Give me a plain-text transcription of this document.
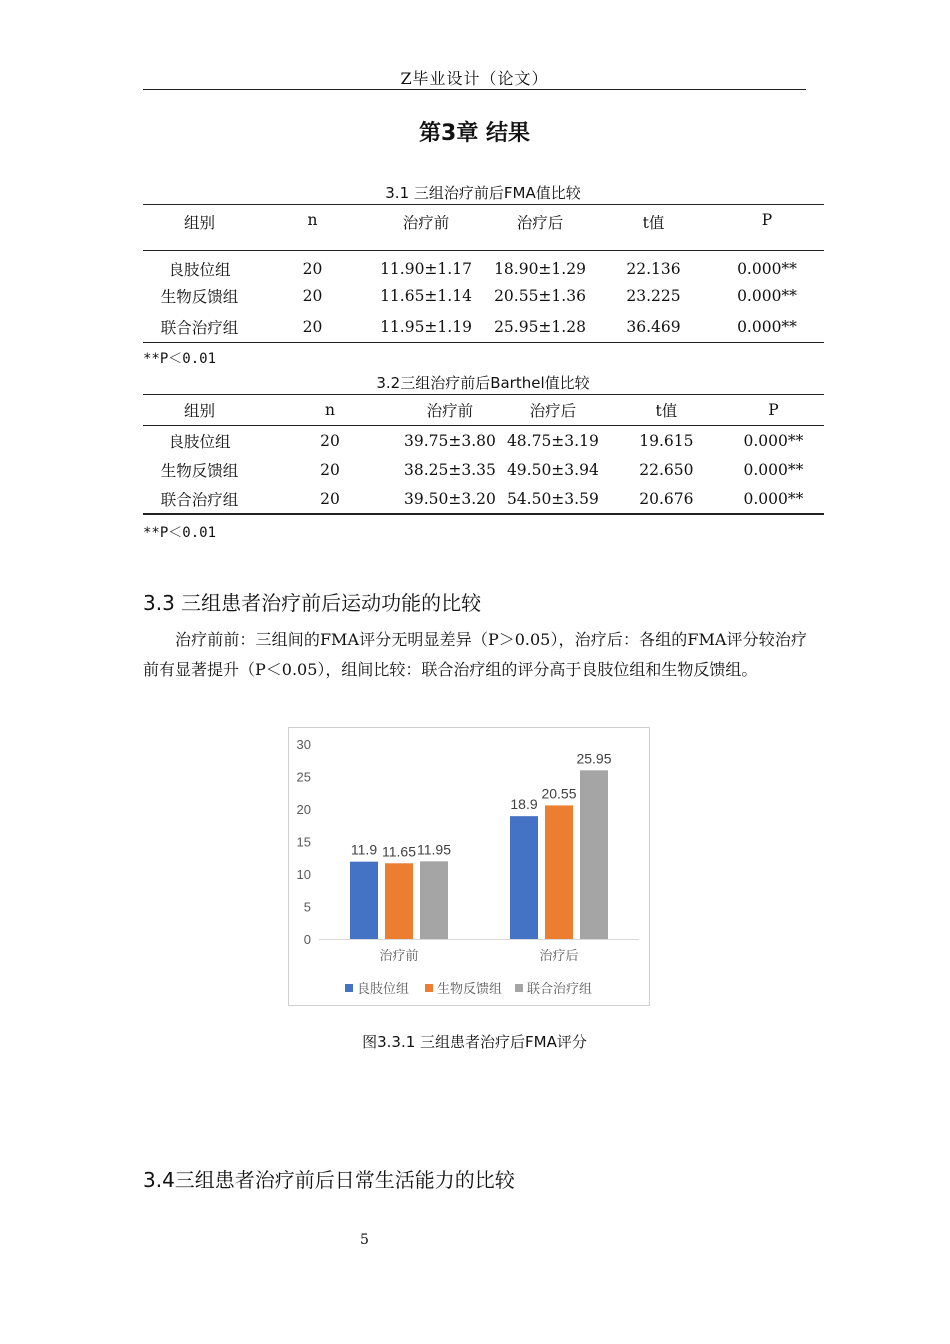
Z毕业设计（论文）
第3章 结果
3.1 三组治疗前后FMA值比较
组别	n	治疗前	治疗后	t值	P
良肢位组	20	11.90±1.17	18.90±1.29	22.136	0.000**
生物反馈组	20	11.65±1.14	20.55±1.36	23.225	0.000**
联合治疗组	20	11.95±1.19	25.95±1.28	36.469	0.000**
**P＜0.01
3.2三组治疗前后Barthel值比较
组别	n	治疗前	治疗后	t值	P
良肢位组	20	39.75±3.80	48.75±3.19	19.615	0.000**
生物反馈组	20	38.25±3.35	49.50±3.94	22.650	0.000**
联合治疗组	20	39.50±3.20	54.50±3.59	20.676	0.000**
**P＜0.01
3.3 三组患者治疗前后运动功能的比较

治疗前前：三组间的FMA评分无明显差异（P＞0.05），治疗后：各组的FMA评分较治疗前有显著提升（P＜0.05），组间比较：联合治疗组的评分高于良肢位组和生物反馈组。

0
5
10
15
20
25
30
11.9 11.65 11.95
治疗前
18.9
20.55
25.95
治疗后
良肢位组 生物反馈组 联合治疗组
图3.3.1 三组患者治疗后FMA评分
3.4三组患者治疗前后日常生活能力的比较
5
